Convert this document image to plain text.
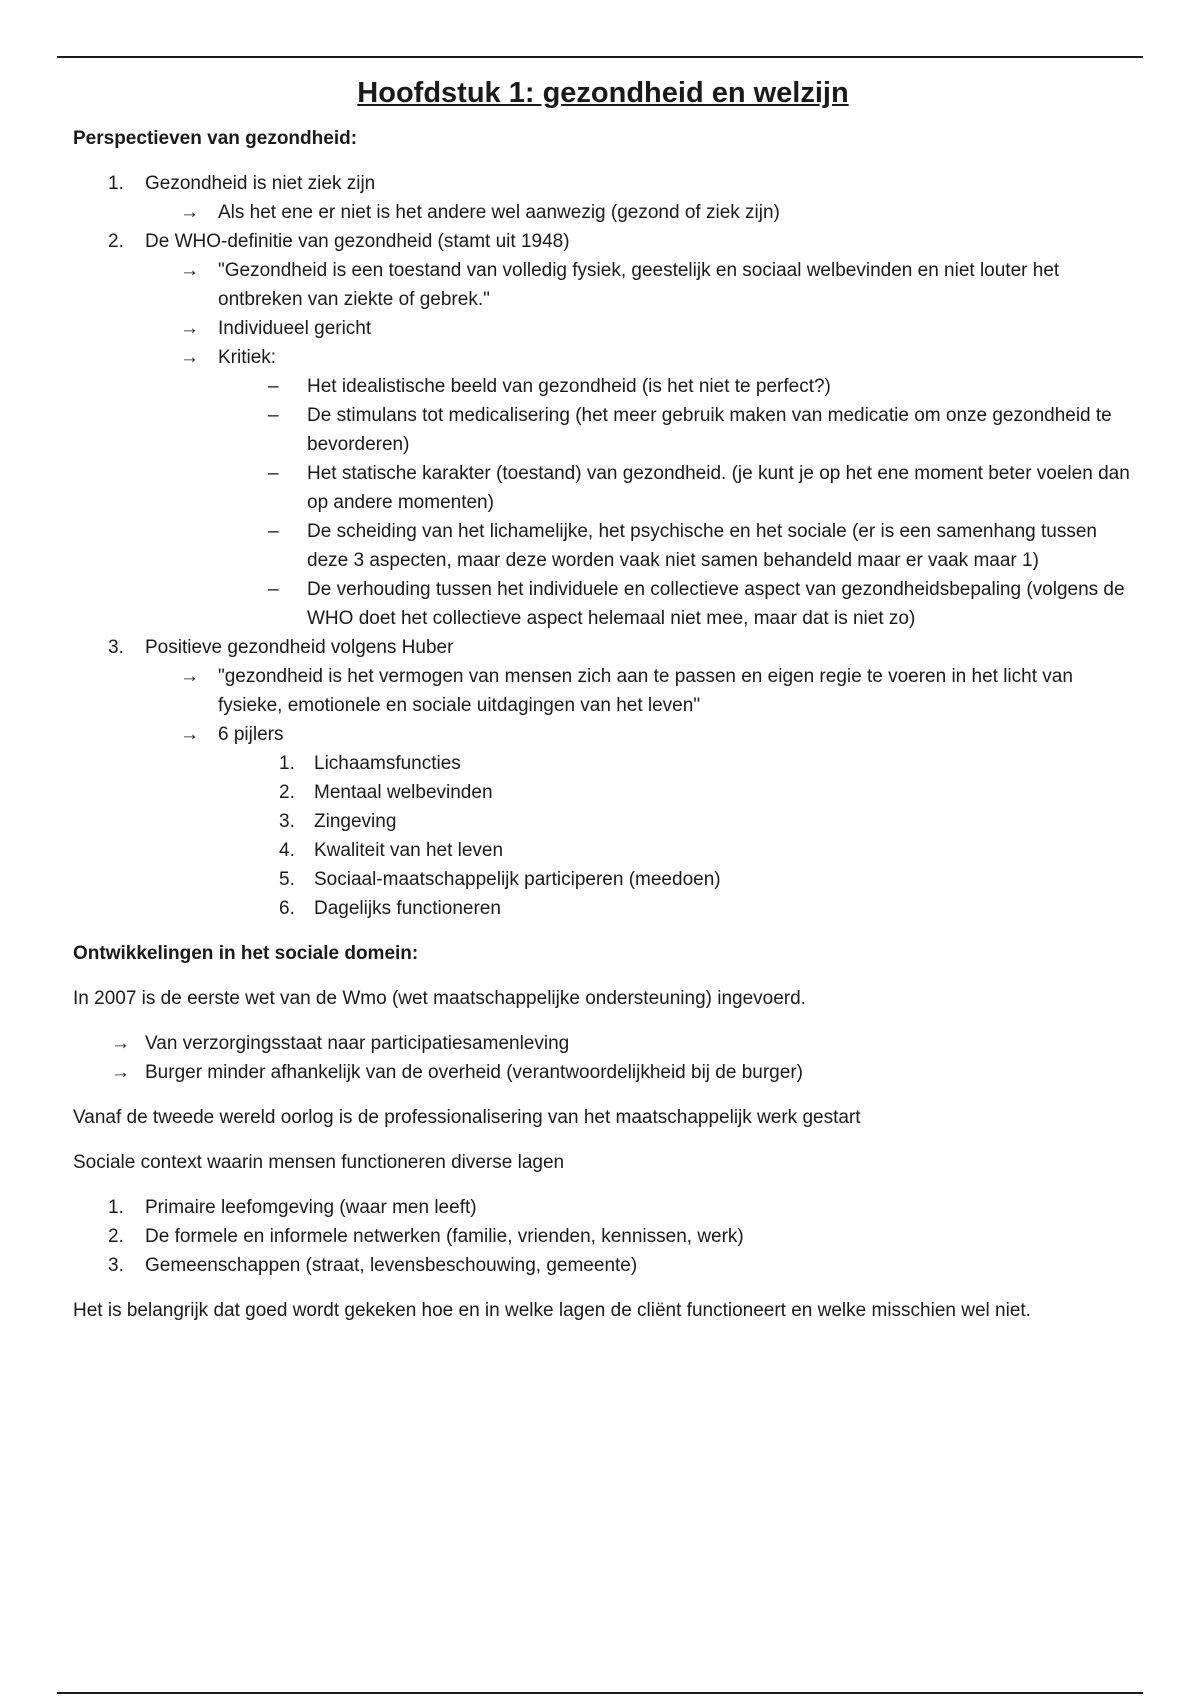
Hoofdstuk 1: gezondheid en welzijn
Perspectieven van gezondheid:
1.	Gezondheid is niet ziek zijn
→	Als het ene er niet is het andere wel aanwezig (gezond of ziek zijn)
2.	De WHO-definitie van gezondheid (stamt uit 1948)
→	"Gezondheid is een toestand van volledig fysiek, geestelijk en sociaal welbevinden en niet louter het ontbreken van ziekte of gebrek."
→	Individueel gericht
→	Kritiek:
–	Het idealistische beeld van gezondheid (is het niet te perfect?)
–	De stimulans tot medicalisering (het meer gebruik maken van medicatie om onze gezondheid te bevorderen)
–	Het statische karakter (toestand) van gezondheid. (je kunt je op het ene moment beter voelen dan op andere momenten)
–	De scheiding van het lichamelijke, het psychische en het sociale (er is een samenhang tussen deze 3 aspecten, maar deze worden vaak niet samen behandeld maar er vaak maar 1)
–	De verhouding tussen het individuele en collectieve aspect van gezondheidsbepaling (volgens de WHO doet het collectieve aspect helemaal niet mee, maar dat is niet zo)
3.	Positieve gezondheid volgens Huber
→	"gezondheid is het vermogen van mensen zich aan te passen en eigen regie te voeren in het licht van fysieke, emotionele en sociale uitdagingen van het leven"
→	6 pijlers
1.	Lichaamsfuncties
2.	Mentaal welbevinden
3.	Zingeving
4.	Kwaliteit van het leven
5.	Sociaal-maatschappelijk participeren (meedoen)
6.	Dagelijks functioneren
Ontwikkelingen in het sociale domein:
In 2007 is de eerste wet van de Wmo (wet maatschappelijke ondersteuning) ingevoerd.
→ Van verzorgingsstaat naar participatiesamenleving
→ Burger minder afhankelijk van de overheid (verantwoordelijkheid bij de burger)
Vanaf de tweede wereld oorlog is de professionalisering van het maatschappelijk werk gestart
Sociale context waarin mensen functioneren diverse lagen
1.	Primaire leefomgeving (waar men leeft)
2.	De formele en informele netwerken (familie, vrienden, kennissen, werk)
3.	Gemeenschappen (straat, levensbeschouwing, gemeente)
Het is belangrijk dat goed wordt gekeken hoe en in welke lagen de cliënt functioneert en welke misschien wel niet.
